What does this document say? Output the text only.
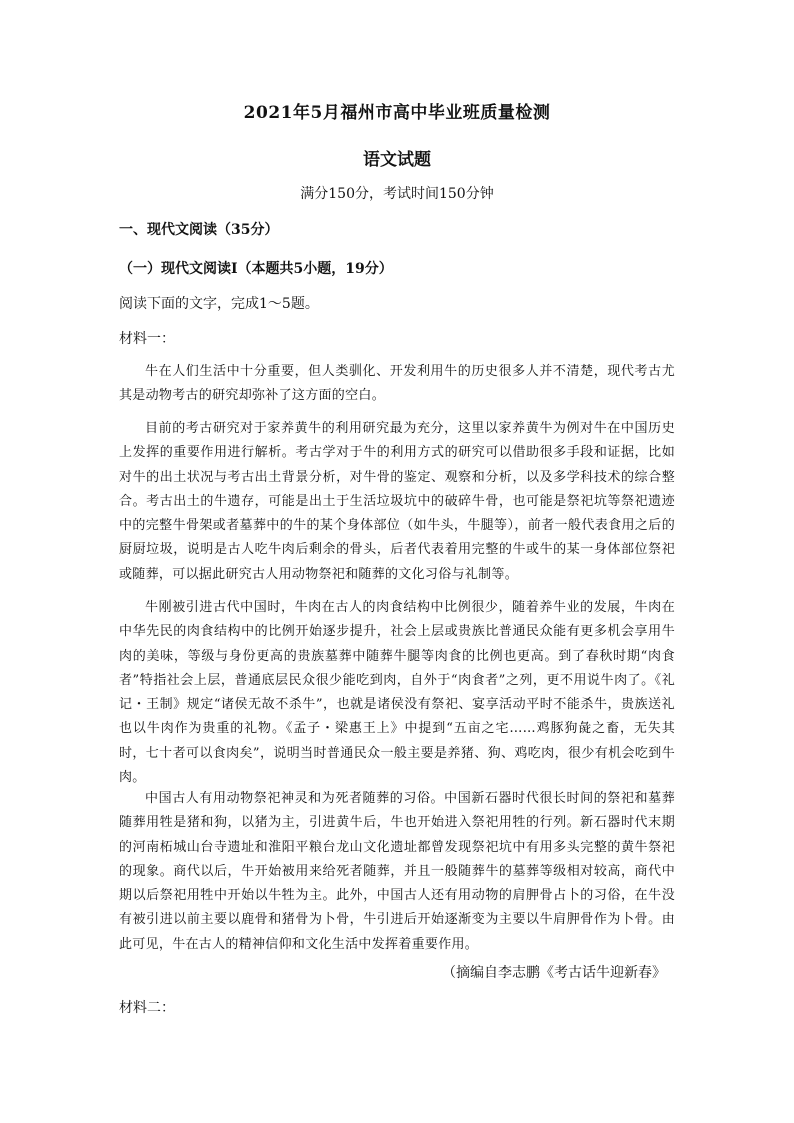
2021年5月福州市高中毕业班质量检测
语文试题
满分150分，考试时间150分钟
一、现代文阅读（35分）
（一）现代文阅读Ⅰ（本题共5小题，19分）
阅读下面的文字，完成1～5题。
材料一：
牛在人们生活中十分重要，但人类驯化、开发利用牛的历史很多人并不清楚，现代考古尤其是动物考古的研究却弥补了这方面的空白。
目前的考古研究对于家养黄牛的利用研究最为充分，这里以家养黄牛为例对牛在中国历史上发挥的重要作用进行解析。考古学对于牛的利用方式的研究可以借助很多手段和证据，比如对牛的出土状况与考古出土背景分析，对牛骨的鉴定、观察和分析，以及多学科技术的综合整合。考古出土的牛遗存，可能是出土于生活垃圾坑中的破碎牛骨，也可能是祭祀坑等祭祀遗迹中的完整牛骨架或者墓葬中的牛的某个身体部位（如牛头，牛腿等），前者一般代表食用之后的厨厨垃圾，说明是古人吃牛肉后剩余的骨头，后者代表着用完整的牛或牛的某一身体部位祭祀或随葬，可以据此研究古人用动物祭祀和随葬的文化习俗与礼制等。
牛刚被引进古代中国时，牛肉在古人的肉食结构中比例很少，随着养牛业的发展，牛肉在中华先民的肉食结构中的比例开始逐步提升，社会上层或贵族比普通民众能有更多机会享用牛肉的美味，等级与身份更高的贵族墓葬中随葬牛腿等肉食的比例也更高。到了春秋时期“肉食者”特指社会上层，普通底层民众很少能吃到肉，自外于“肉食者”之列，更不用说牛肉了。《礼记・王制》规定“诸侯无故不杀牛”，也就是诸侯没有祭祀、宴享活动平时不能杀牛，贵族送礼也以牛肉作为贵重的礼物。《孟子・梁惠王上》中提到“五亩之宅……鸡豚狗彘之畜，无失其时，七十者可以食肉矣”，说明当时普通民众一般主要是养猪、狗、鸡吃肉，很少有机会吃到牛肉。
中国古人有用动物祭祀神灵和为死者随葬的习俗。中国新石器时代很长时间的祭祀和墓葬随葬用牲是猪和狗，以猪为主，引进黄牛后，牛也开始进入祭祀用牲的行列。新石器时代末期的河南柘城山台寺遗址和淮阳平粮台龙山文化遗址都曾发现祭祀坑中有用多头完整的黄牛祭祀的现象。商代以后，牛开始被用来给死者随葬，并且一般随葬牛的墓葬等级相对较高，商代中期以后祭祀用牲中开始以牛牲为主。此外，中国古人还有用动物的肩胛骨占卜的习俗，在牛没有被引进以前主要以鹿骨和猪骨为卜骨，牛引进后开始逐渐变为主要以牛肩胛骨作为卜骨。由此可见，牛在古人的精神信仰和文化生活中发挥着重要作用。
（摘编自李志鹏《考古话牛迎新春》
材料二：
